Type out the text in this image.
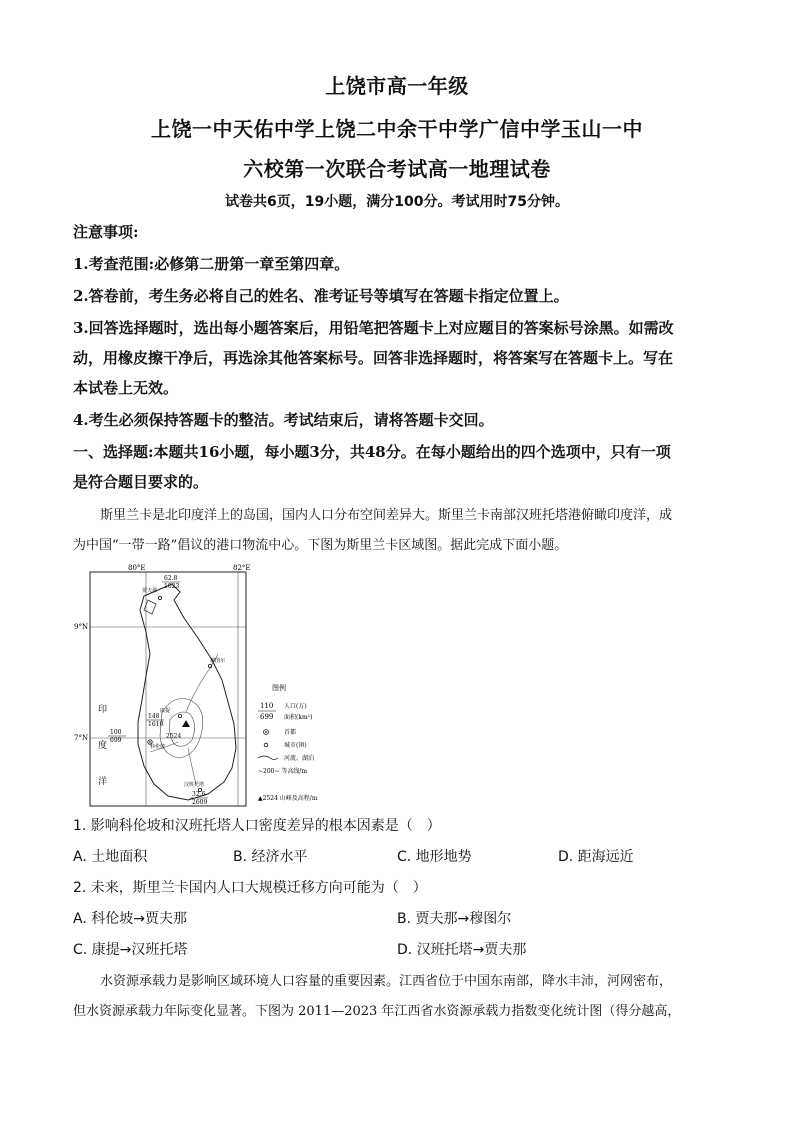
上饶市高一年级
上饶一中天佑中学上饶二中余干中学广信中学玉山一中
六校第一次联合考试高一地理试卷
试卷共6页，19小题，满分100分。考试用时75分钟。
注意事项:
1.考查范围:必修第二册第一章至第四章。
2.答卷前，考生务必将自己的姓名、准考证号等填写在答题卡指定位置上。
3.回答选择题时，选出每小题答案后，用铅笔把答题卡上对应题目的答案标号涂黑。如需改
动，用橡皮擦干净后，再选涂其他答案标号。回答非选择题时，将答案写在答题卡上。写在
本试卷上无效。
4.考生必须保持答题卡的整洁。考试结束后，请将答题卡交回。
一、选择题:本题共16小题，每小题3分，共48分。在每小题给出的四个选项中，只有一项
是符合题目要求的。
斯里兰卡是北印度洋上的岛国，国内人口分布空间差异大。斯里兰卡南部汉班托塔港俯瞰印度洋，成
为中国“一带一路”倡议的港口物流中心。下图为斯里兰卡区域图。据此完成下面小题。
80°E	82°E
9°N
7°N	2524
科伦坡
汉班托塔
贾夫那
穆图尔
康提
62.8
1023
100
699
148
1610
32.6
2609
印
度
洋
图例
110
699
人口(万)
面积(km²)
首都
城市(镇)
河流、湖泊
~200~ 等高线/m
▲2524 山峰及高程/m
1. 影响科伦坡和汉班托塔人口密度差异的根本因素是（　）
A. 土地面积	B. 经济水平	C. 地形地势	D. 距海远近
2. 未来，斯里兰卡国内人口大规模迁移方向可能为（　）
A. 科伦坡→贾夫那	B. 贾夫那→穆图尔
C. 康提→汉班托塔	D. 汉班托塔→贾夫那
水资源承载力是影响区域环境人口容量的重要因素。江西省位于中国东南部，降水丰沛，河网密布，
但水资源承载力年际变化显著。下图为 2011—2023 年江西省水资源承载力指数变化统计图（得分越高，
